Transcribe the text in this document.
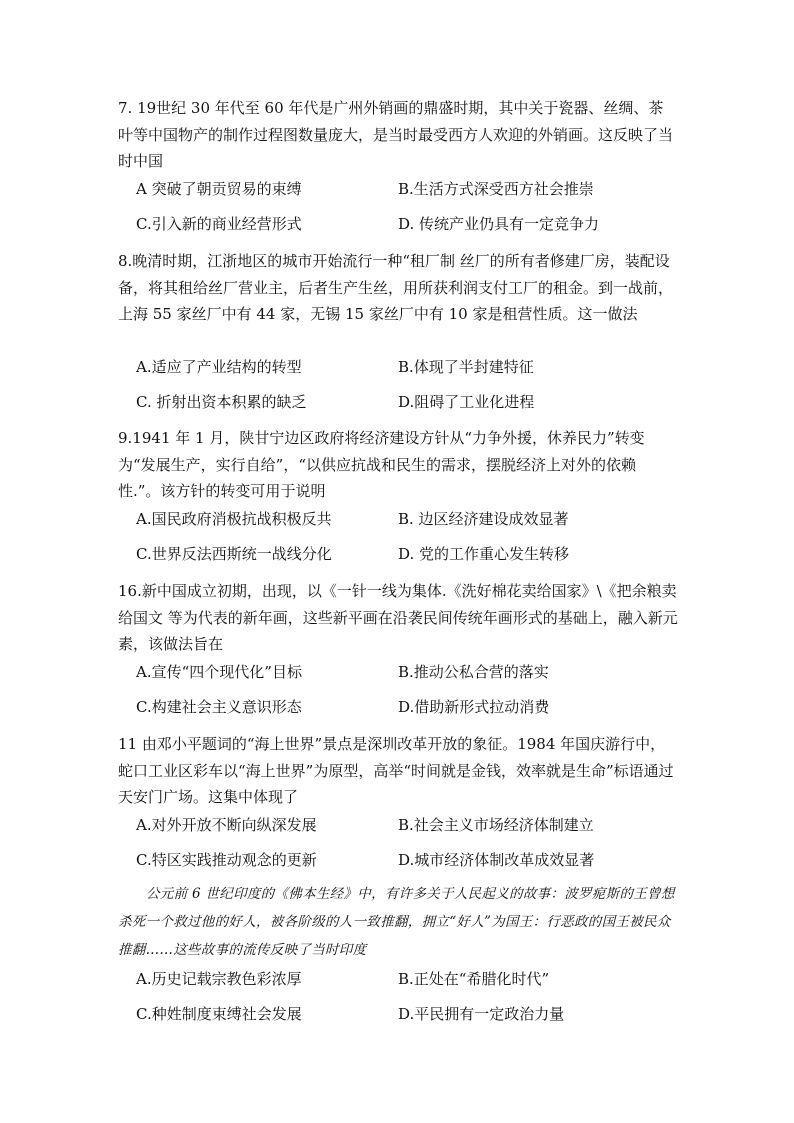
7. 19世纪 30 年代至 60 年代是广州外销画的鼎盛时期，其中关于瓷器、丝绸、茶叶等中国物产的制作过程图数量庞大，是当时最受西方人欢迎的外销画。这反映了当时中国
A 突破了朝贡贸易的束缚	B.生活方式深受西方社会推崇
C.引入新的商业经营形式	D. 传统产业仍具有一定竞争力
8.晚清时期，江浙地区的城市开始流行一种“租厂制 丝厂的所有者修建厂房，装配设备，将其租给丝厂营业主，后者生产生丝，用所获利润支付工厂的租金。到一战前，上海 55 家丝厂中有 44 家，无锡 15 家丝厂中有 10 家是租营性质。这一做法
A.适应了产业结构的转型	B.体现了半封建特征
C. 折射出资本积累的缺乏	D.阻碍了工业化进程
9.1941 年 1 月，陕甘宁边区政府将经济建设方针从“力争外援，休养民力”转变为“发展生产，实行自给”，“以供应抗战和民生的需求，摆脱经济上对外的依赖性.”。该方针的转变可用于说明
A.国民政府消极抗战积极反共	B. 边区经济建设成效显著
C.世界反法西斯统一战线分化	D. 党的工作重心发生转移
16.新中国成立初期，出现，以《一针一线为集体.《洗好棉花卖给国家》\《把余粮卖给国文 等为代表的新年画，这些新平画在沿袭民间传统年画形式的基础上，融入新元素，该做法旨在
A.宣传“四个现代化”目标	B.推动公私合营的落实
C.构建社会主义意识形态	D.借助新形式拉动消费
11 由邓小平题词的“海上世界”景点是深圳改革开放的象征。1984 年国庆游行中，蛇口工业区彩车以“海上世界”为原型，高举“时间就是金钱，效率就是生命”标语通过天安门广场。这集中体现了
A.对外开放不断向纵深发展	B.社会主义市场经济体制建立
C.特区实践推动观念的更新	D.城市经济体制改革成效显著
公元前 6 世纪印度的《佛本生经》中，有许多关于人民起义的故事：波罗痆斯的王曾想杀死一个救过他的好人，被各阶级的人一致推翻，拥立“好人”为国王：行恶政的国王被民众推翻……这些故事的流传反映了当时印度
A.历史记载宗教色彩浓厚	B.正处在“希腊化时代”
C.种姓制度束缚社会发展	D.平民拥有一定政治力量
